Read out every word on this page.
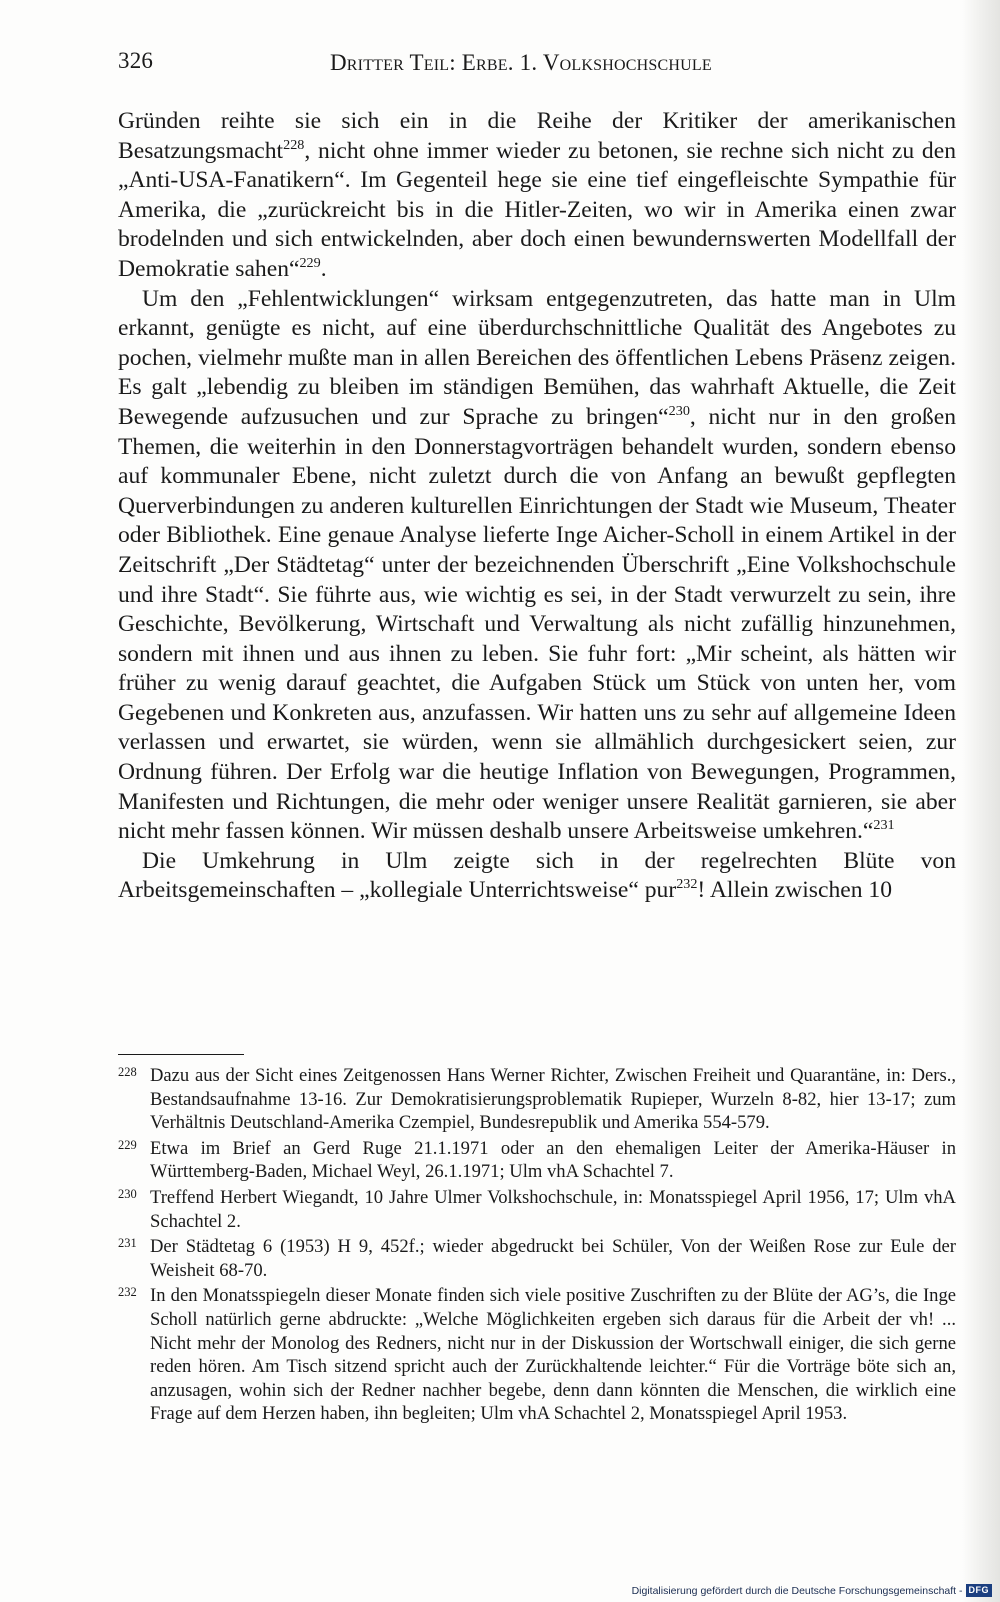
326	Dritter Teil: Erbe. 1. Volkshochschule

Gründen reihte sie sich ein in die Reihe der Kritiker der amerikanischen Besatzungsmacht$^{228}$, nicht ohne immer wieder zu betonen, sie rechne sich nicht zu den „Anti-USA-Fanatikern“. Im Gegenteil hege sie eine tief eingefleischte Sympathie für Amerika, die „zurückreicht bis in die Hitler-Zeiten, wo wir in Amerika einen zwar brodelnden und sich entwickelnden, aber doch einen bewundernswerten Modellfall der Demokratie sahen“$^{229}$.

Um den „Fehlentwicklungen“ wirksam entgegenzutreten, das hatte man in Ulm erkannt, genügte es nicht, auf eine überdurchschnittliche Qualität des Angebotes zu pochen, vielmehr mußte man in allen Bereichen des öffentlichen Lebens Präsenz zeigen. Es galt „lebendig zu bleiben im ständigen Bemühen, das wahrhaft Aktuelle, die Zeit Bewegende aufzusuchen und zur Sprache zu bringen“$^{230}$, nicht nur in den großen Themen, die weiterhin in den Donnerstagvorträgen behandelt wurden, sondern ebenso auf kommunaler Ebene, nicht zuletzt durch die von Anfang an bewußt gepflegten Querverbindungen zu anderen kulturellen Einrichtungen der Stadt wie Museum, Theater oder Bibliothek. Eine genaue Analyse lieferte Inge Aicher-Scholl in einem Artikel in der Zeitschrift „Der Städtetag“ unter der bezeichnenden Überschrift „Eine Volkshochschule und ihre Stadt“. Sie führte aus, wie wichtig es sei, in der Stadt verwurzelt zu sein, ihre Geschichte, Bevölkerung, Wirtschaft und Verwaltung als nicht zufällig hinzunehmen, sondern mit ihnen und aus ihnen zu leben. Sie fuhr fort: „Mir scheint, als hätten wir früher zu wenig darauf geachtet, die Aufgaben Stück um Stück von unten her, vom Gegebenen und Konkreten aus, anzufassen. Wir hatten uns zu sehr auf allgemeine Ideen verlassen und erwartet, sie würden, wenn sie allmählich durchgesickert seien, zur Ordnung führen. Der Erfolg war die heutige Inflation von Bewegungen, Programmen, Manifesten und Richtungen, die mehr oder weniger unsere Realität garnieren, sie aber nicht mehr fassen können. Wir müssen deshalb unsere Arbeitsweise umkehren.“$^{231}$

Die Umkehrung in Ulm zeigte sich in der regelrechten Blüte von Arbeitsgemeinschaften – „kollegiale Unterrichtsweise“ pur$^{232}$! Allein zwischen 10

228 Dazu aus der Sicht eines Zeitgenossen Hans Werner Richter, Zwischen Freiheit und Quarantäne, in: Ders., Bestandsaufnahme 13-16. Zur Demokratisierungsproblematik Rupieper, Wurzeln 8-82, hier 13-17; zum Verhältnis Deutschland-Amerika Czempiel, Bundesrepublik und Amerika 554-579.
229 Etwa im Brief an Gerd Ruge 21.1.1971 oder an den ehemaligen Leiter der Amerika-Häuser in Württemberg-Baden, Michael Weyl, 26.1.1971; Ulm vhA Schachtel 7.
230 Treffend Herbert Wiegandt, 10 Jahre Ulmer Volkshochschule, in: Monatsspiegel April 1956, 17; Ulm vhA Schachtel 2.
231 Der Städtetag 6 (1953) H 9, 452f.; wieder abgedruckt bei Schüler, Von der Weißen Rose zur Eule der Weisheit 68-70.
232 In den Monatsspiegeln dieser Monate finden sich viele positive Zuschriften zu der Blüte der AG’s, die Inge Scholl natürlich gerne abdruckte: „Welche Möglichkeiten ergeben sich daraus für die Arbeit der vh! ... Nicht mehr der Monolog des Redners, nicht nur in der Diskussion der Wortschwall einiger, die sich gerne reden hören. Am Tisch sitzend spricht auch der Zurückhaltende leichter.“ Für die Vorträge böte sich an, anzusagen, wohin sich der Redner nachher begebe, denn dann könnten die Menschen, die wirklich eine Frage auf dem Herzen haben, ihn begleiten; Ulm vhA Schachtel 2, Monatsspiegel April 1953.
Digitalisierung gefördert durch die Deutsche Forschungsgemeinschaft - DFG
